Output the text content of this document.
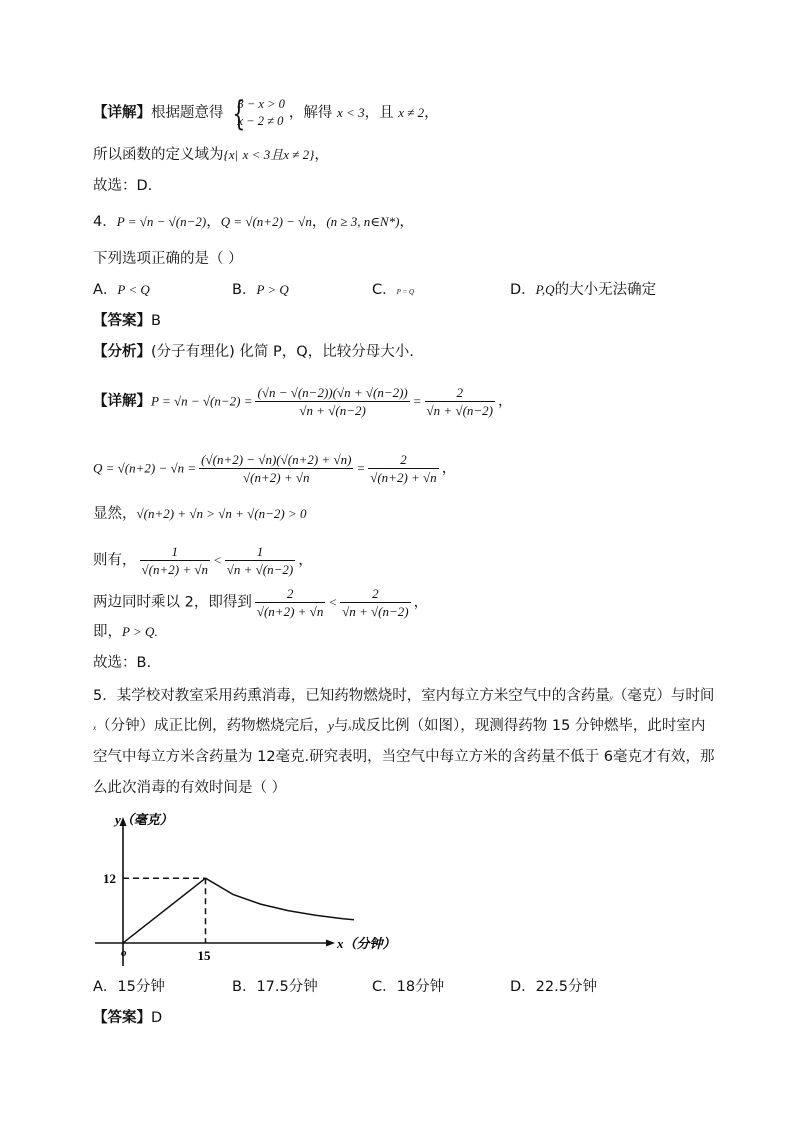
【详解】根据题意得 {
3 − x > 0
x − 2 ≠ 0 ，解得 x < 3，且 x ≠ 2，
所以函数的定义域为{x| x < 3且x ≠ 2}，
故选：D.
4．P = √n − √(n−2)，Q = √(n+2) − √n，(n ≥ 3, n∈N*)，
下列选项正确的是（ ）
A．P < Q	B．P > Q	C．P = Q	D．P,Q的大小无法确定
【答案】B
【分析】(分子有理化) 化简 P，Q，比较分母大小.
【详解】$P = √n - √(n-2) = \frac{(√n - √(n-2))(√n + √(n-2))}{√n + √(n-2)} = \frac{2}{√n + √(n-2)}$ ，
$Q = √(n+2) - √n = \frac{(√(n+2) - √n)(√(n+2) + √n)}{√(n+2) + √n} = \frac{2}{√(n+2) + √n}$ ，
显然，√(n+2) + √n > √n + √(n−2) > 0
则有， $\frac{1}{√(n+2) + √n} < \frac{1}{√n + √(n-2)}$ ，
两边同时乘以 2，即得到 $\frac{2}{√(n+2) + √n} < \frac{2}{√n + √(n-2)}$ ，
即，P > Q.
故选：B.
5．某学校对教室采用药熏消毒，已知药物燃烧时，室内每立方米空气中的含药量y（毫克）与时间
x（分钟）成正比例，药物燃烧完后，y与x成反比例（如图），现测得药物 15 分钟燃毕，此时室内
空气中每立方米含药量为 12毫克.研究表明，当空气中每立方米的含药量不低于 6毫克才有效，那
么此次消毒的有效时间是（ ）
y（毫克）
x（分钟）
o
12
15
A．15分钟	B．17.5分钟	C．18分钟	D．22.5分钟
【答案】D
